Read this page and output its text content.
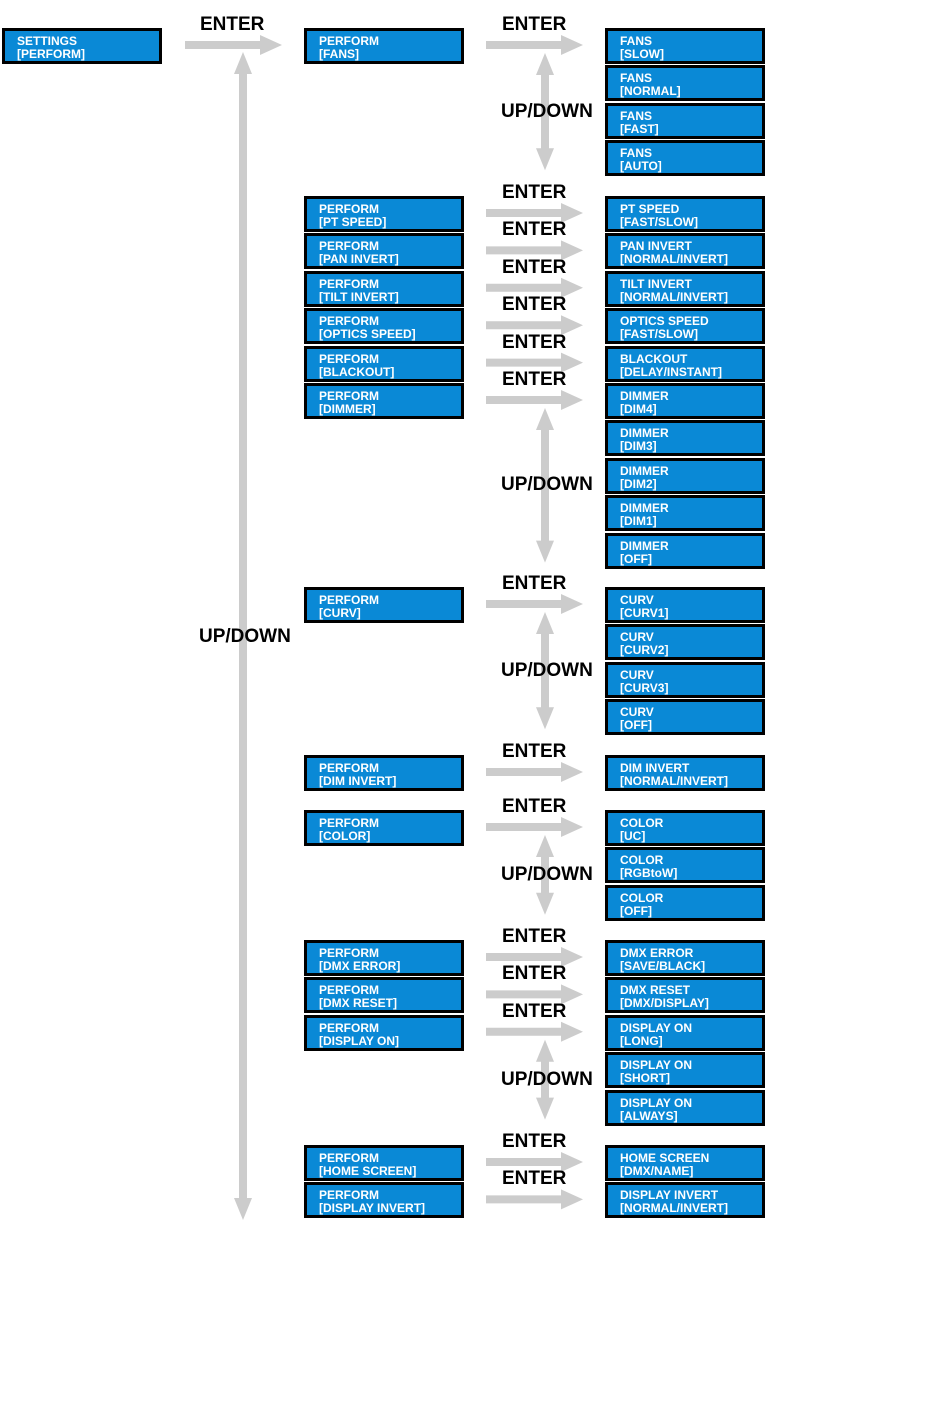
SETTINGS
[PERFORM]
ENTER
UP/DOWN
PERFORM
[FANS]
ENTER
FANS
[SLOW]
FANS
[NORMAL]
FANS
[FAST]
FANS
[AUTO]
UP/DOWN
PERFORM
[PT SPEED]
ENTER
PERFORM
[PAN INVERT]
ENTER
PERFORM
[TILT INVERT]
ENTER
PERFORM
[OPTICS SPEED]
ENTER
PERFORM
[BLACKOUT]
ENTER
PERFORM
[DIMMER]
ENTER
PT SPEED
[FAST/SLOW]
PAN INVERT
[NORMAL/INVERT]
TILT INVERT
[NORMAL/INVERT]
OPTICS SPEED
[FAST/SLOW]
BLACKOUT
[DELAY/INSTANT]
DIMMER
[DIM4]
DIMMER
[DIM3]
DIMMER
[DIM2]
DIMMER
[DIM1]
DIMMER
[OFF]
UP/DOWN
PERFORM
[CURV]
ENTER
CURV
[CURV1]
CURV
[CURV2]
CURV
[CURV3]
CURV
[OFF]
UP/DOWN
PERFORM
[DIM INVERT]
ENTER
DIM INVERT
[NORMAL/INVERT]
PERFORM
[COLOR]
ENTER
COLOR
[UC]
COLOR
[RGBtoW]
COLOR
[OFF]
UP/DOWN
PERFORM
[DMX ERROR]
ENTER
PERFORM
[DMX RESET]
ENTER
PERFORM
[DISPLAY ON]
ENTER
DMX ERROR
[SAVE/BLACK]
DMX RESET
[DMX/DISPLAY]
DISPLAY ON
[LONG]
DISPLAY ON
[SHORT]
DISPLAY ON
[ALWAYS]
UP/DOWN
PERFORM
[HOME SCREEN]
ENTER
PERFORM
[DISPLAY INVERT]
ENTER
HOME SCREEN
[DMX/NAME]
DISPLAY INVERT
[NORMAL/INVERT]
